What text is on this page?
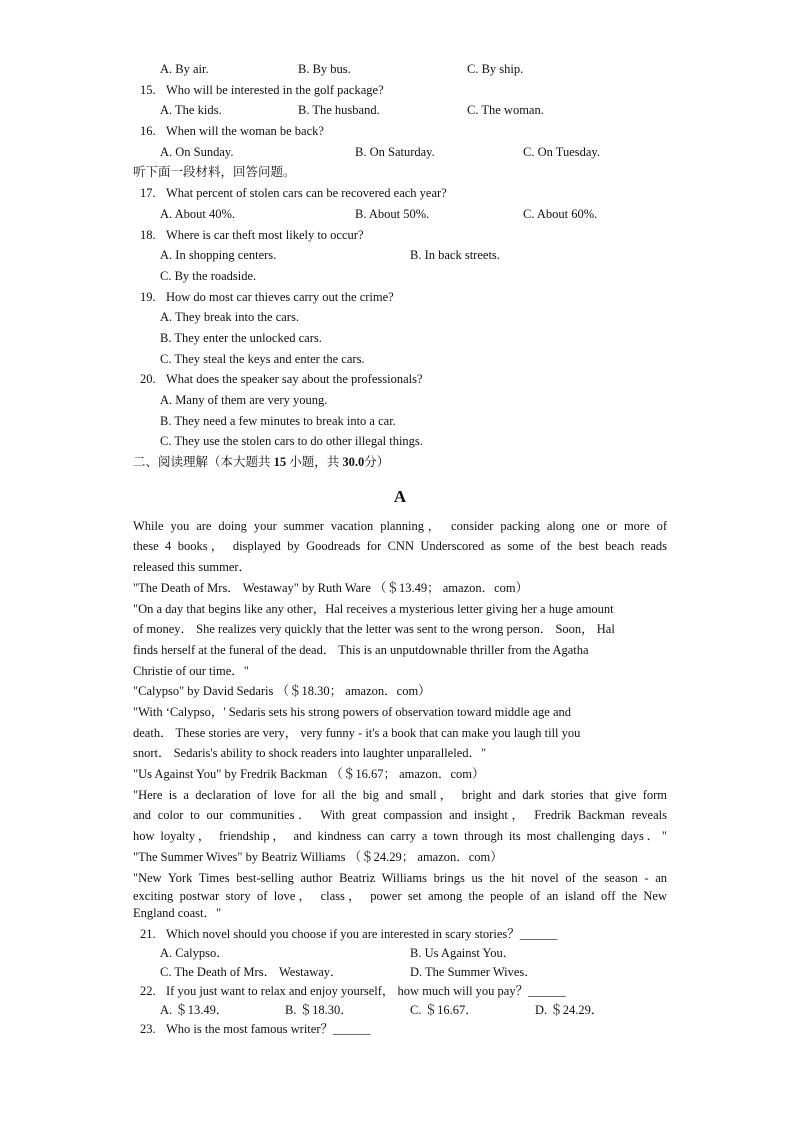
A. By air.	B. By bus.	C. By ship.
15. Who will be interested in the golf package?
A. The kids.	B. The husband.	C. The woman.
16. When will the woman be back?
A. On Sunday.	B. On Saturday.	C. On Tuesday.
听下面一段材料，回答问题。
17. What percent of stolen cars can be recovered each year?
A. About 40%.	B. About 50%.	C. About 60%.
18. Where is car theft most likely to occur?
A. In shopping centers.	B. In back streets.
C. By the roadside.
19. How do most car thieves carry out the crime?
A. They break into the cars.
B. They enter the unlocked cars.
C. They steal the keys and enter the cars.
20. What does the speaker say about the professionals?
A. Many of them are very young.
B. They need a few minutes to break into a car.
C. They use the stolen cars to do other illegal things.
二、阅读理解（本大题共 15 小题，共 30.0分）
A
While you are doing your summer vacation planning， consider packing along one or more of
these 4 books， displayed by Goodreads for CNN Underscored as some of the best beach reads
released this summer．
"The Death of Mrs． Westaway" by Ruth Ware （＄13.49； amazon．com）
"On a day that begins like any other，Hal receives a mysterious letter giving her a huge amount
of money． She realizes very quickly that the letter was sent to the wrong person． Soon， Hal
finds herself at the funeral of the dead． This is an unputdownable thriller from the Agatha
Christie of our time．"
"Calypso" by David Sedaris （＄18.30； amazon．com）
"With ‘Calypso，' Sedaris sets his strong powers of observation toward middle age and
death． These stories are very， very funny - it's a book that can make you laugh till you
snort． Sedaris's ability to shock readers into laughter unparalleled．"
"Us Against You" by Fredrik Backman （＄16.67； amazon．com）
"Here is a declaration of love for all the big and small， bright and dark stories that give form
and color to our communities． With great compassion and insight， Fredrik Backman reveals
how loyalty， friendship， and kindness can carry a town through its most challenging days．"
"The Summer Wives" by Beatriz Williams （＄24.29； amazon．com）
"New York Times best-selling author Beatriz Williams brings us the hit novel of the season - an
exciting postwar story of love， class， power set among the people of an island off the New
England coast．"
21. Which novel should you choose if you are interested in scary stories？______
A. Calypso．	B. Us Against You．
C. The Death of Mrs． Westaway．	D. The Summer Wives．
22. If you just want to relax and enjoy yourself， how much will you pay？______
A. ＄13.49．	B. ＄18.30．	C. ＄16.67．	D. ＄24.29．
23. Who is the most famous writer？______
